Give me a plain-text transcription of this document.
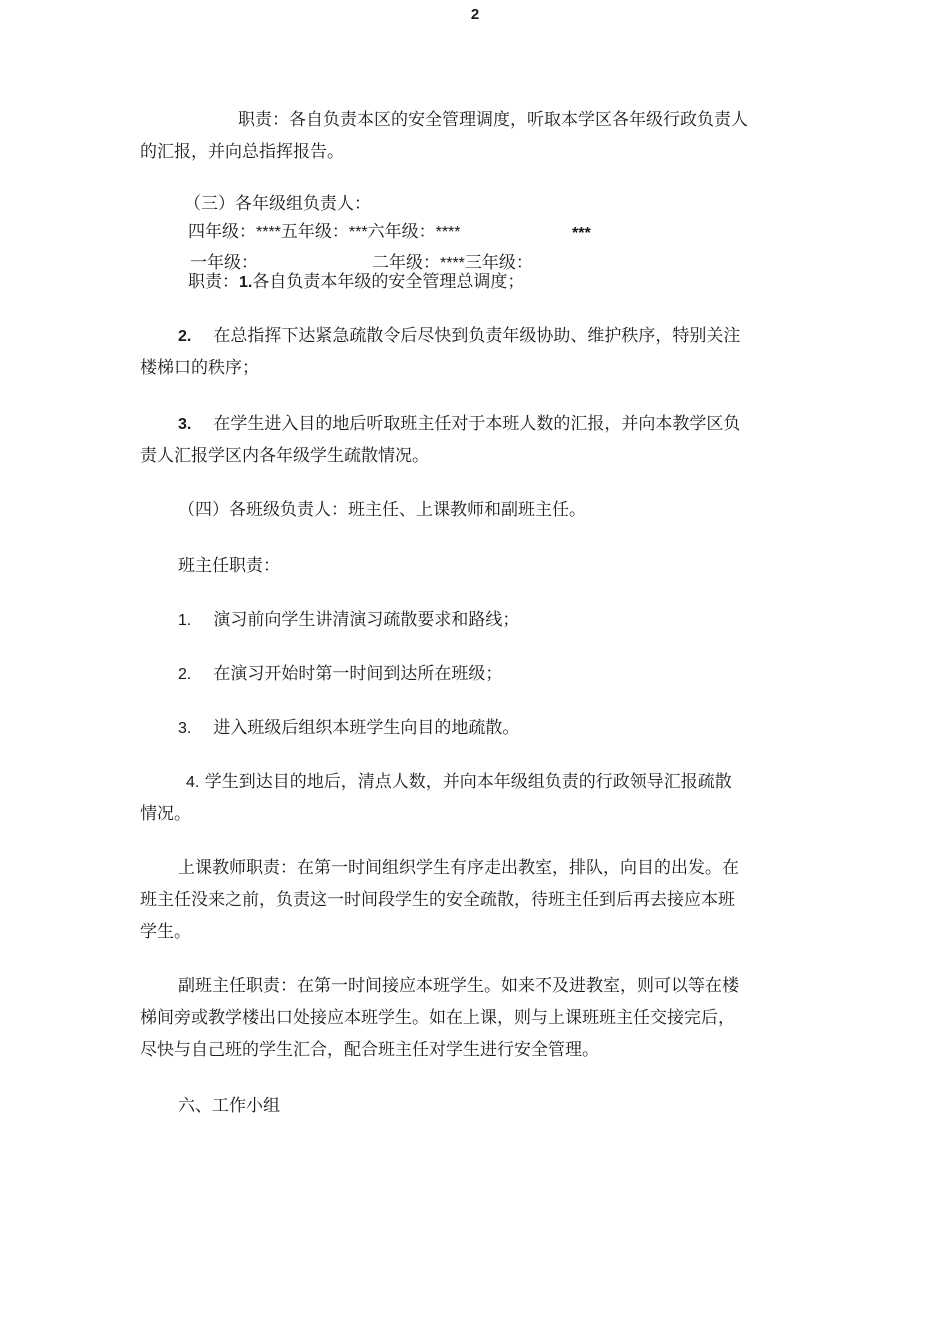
2
职责：各自负责本区的安全管理调度，听取本学区各年级行政负责人
的汇报，并向总指挥报告。
（三）各年级组负责人：
四年级：****五年级：***六年级：****	***
一年级：	二年级：****三年级：
职责：1.各自负责本年级的安全管理总调度；
2. 在总指挥下达紧急疏散令后尽快到负责年级协助、维护秩序，特别关注
楼梯口的秩序；
3. 在学生进入目的地后听取班主任对于本班人数的汇报，并向本教学区负
责人汇报学区内各年级学生疏散情况。
（四）各班级负责人：班主任、上课教师和副班主任。
班主任职责：
1. 演习前向学生讲清演习疏散要求和路线；
2. 在演习开始时第一时间到达所在班级；
3. 进入班级后组织本班学生向目的地疏散。
4. 学生到达目的地后，清点人数，并向本年级组负责的行政领导汇报疏散
情况。
上课教师职责：在第一时间组织学生有序走出教室，排队，向目的出发。在
班主任没来之前，负责这一时间段学生的安全疏散，待班主任到后再去接应本班
学生。
副班主任职责：在第一时间接应本班学生。如来不及进教室，则可以等在楼
梯间旁或教学楼出口处接应本班学生。如在上课，则与上课班班主任交接完后，
尽快与自己班的学生汇合，配合班主任对学生进行安全管理。
六、工作小组
